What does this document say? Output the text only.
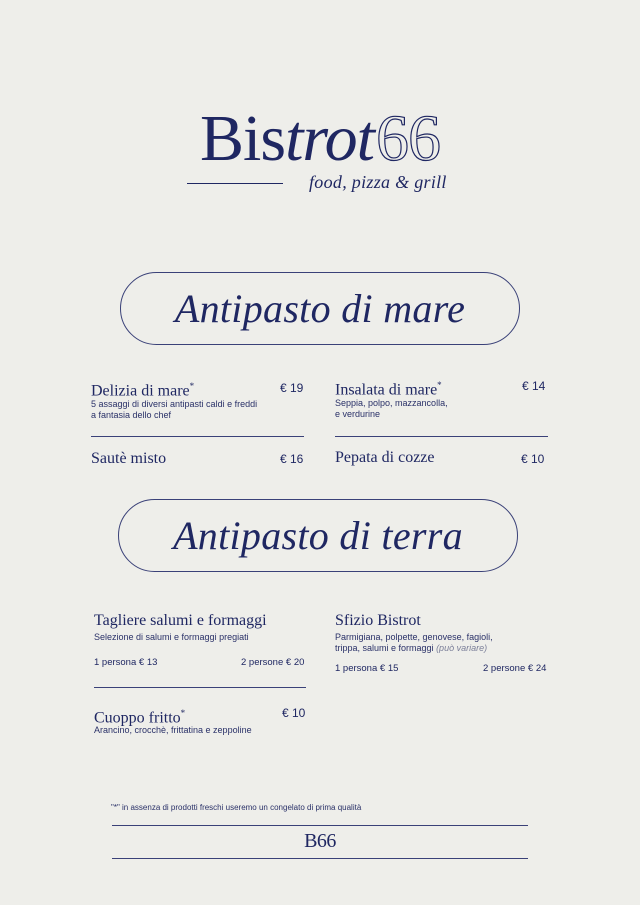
Bistrot66
food, pizza & grill
Antipasto di mare
Delizia di mare*	€ 19
5 assaggi di diversi antipasti caldi e freddi
a fantasia dello chef
Insalata di mare*	€ 14
Seppia, polpo, mazzancolla,
e verdurine
Sautè misto	€ 16 Pepata di cozze	€ 10
Antipasto di terra
Tagliere salumi e formaggi
Selezione di salumi e formaggi pregiati
1 persona € 13	2 persone € 20
Sfizio Bistrot
Parmigiana, polpette, genovese, fagioli,
trippa, salumi e formaggi (può variare)
1 persona € 15	2 persone € 24
Cuoppo fritto*	€ 10
Arancino, crocchè, frittatina e zeppoline
"*" in assenza di prodotti freschi useremo un congelato di prima qualità
B66
